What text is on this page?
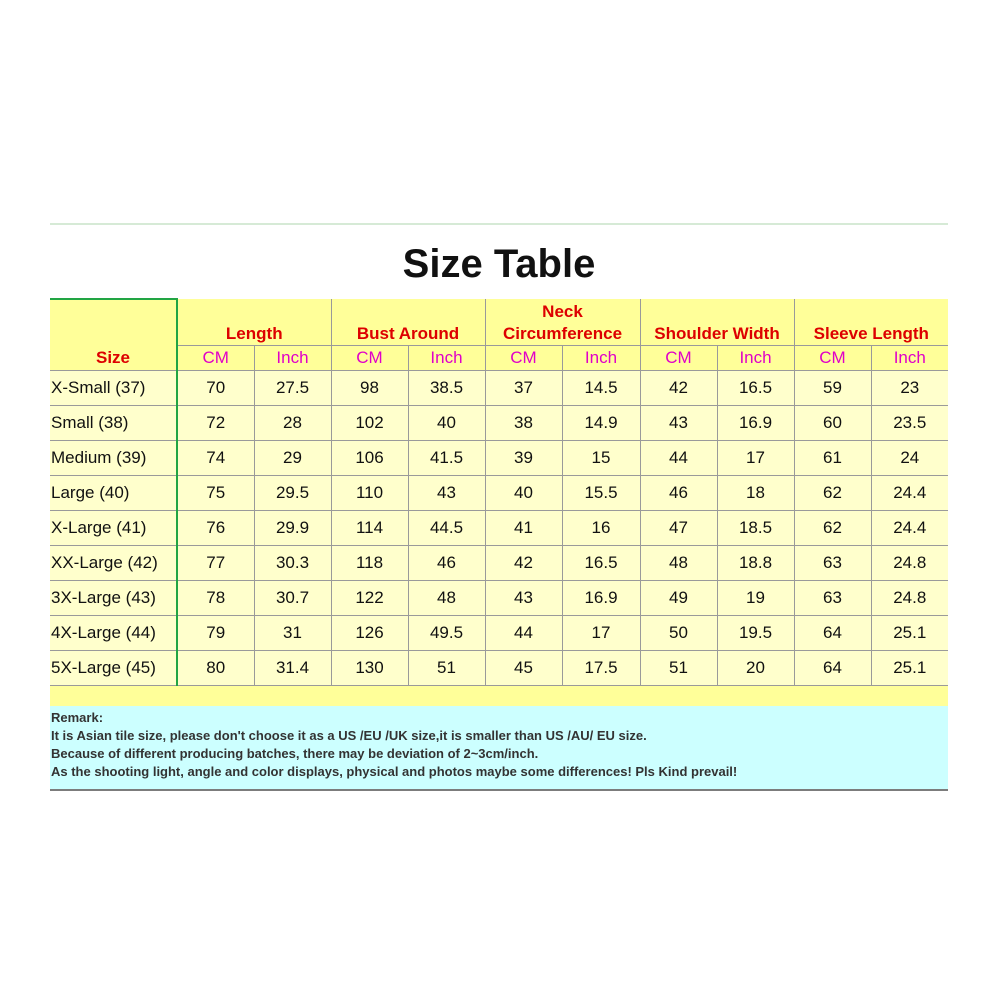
Size Table
Size	Length		Bust Around		Neck
Circumference		Shoulder Width		Sleeve Length	
	CM	Inch	CM	Inch	CM	Inch	CM	Inch	CM	Inch
X-Small (37)	70	27.5	98	38.5	37	14.5	42	16.5	59	23
Small (38)	72	28	102	40	38	14.9	43	16.9	60	23.5
Medium (39)	74	29	106	41.5	39	15	44	17	61	24
Large (40)	75	29.5	110	43	40	15.5	46	18	62	24.4
X-Large (41)	76	29.9	114	44.5	41	16	47	18.5	62	24.4
XX-Large (42)	77	30.3	118	46	42	16.5	48	18.8	63	24.8
3X-Large (43)	78	30.7	122	48	43	16.9	49	19	63	24.8
4X-Large (44)	79	31	126	49.5	44	17	50	19.5	64	25.1
5X-Large (45)	80	31.4	130	51	45	17.5	51	20	64	25.1

Remark:
It is Asian tile size, please don't choose it as a US /EU /UK size,it is smaller than US /AU/ EU size.
Because of different producing batches, there may be deviation of 2~3cm/inch.
As the shooting light, angle and color displays, physical and photos maybe some differences! Pls Kind prevail!
